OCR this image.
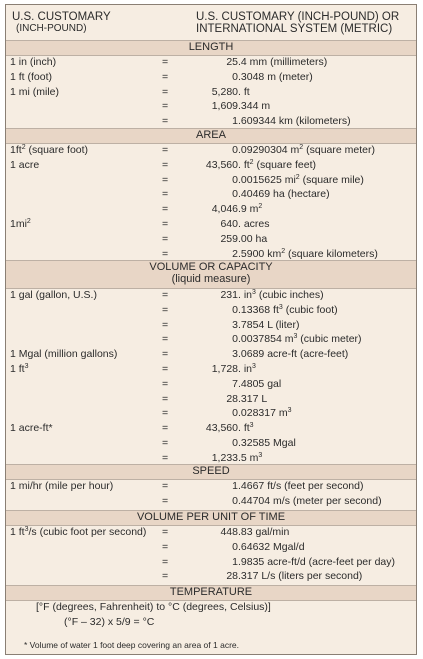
U.S. CUSTOMARY
(INCH-POUND)
U.S. CUSTOMARY (INCH-POUND) OR
INTERNATIONAL SYSTEM (METRIC)
LENGTH
1 in (inch)	=	25.4 mm (millimeters)
1 ft (foot)	=	0.3048 m (meter)
1 mi (mile)	=	5,280. ft
=	1,609.344 m
=	1.609344 km (kilometers)
AREA
$1ft^2$ (square foot)	=	0.09290304 $m^2$ (square meter)
1 acre	=	43,560. $ft^2$ (square feet)
=	0.0015625 $mi^2$ (square mile)
=	0.40469 ha (hectare)
=	4,046.9 $m^2$
$1mi^2$	=	640. acres
=	259.00 ha
=	2.5900 $km^2$ (square kilometers)
VOLUME OR CAPACITY
(liquid measure)
1 gal (gallon, U.S.)	=	231. $in^3$ (cubic inches)
=	0.13368 $ft^3$ (cubic foot)
=	3.7854 L (liter)
=	0.0037854 $m^3$ (cubic meter)
1 Mgal (million gallons)	=	3.0689 acre-ft (acre-feet)
1 $ft^3$	=	1,728. $in^3$
=	7.4805 gal
=	28.317 L
=	0.028317 $m^3$
1 acre-ft*	=	43,560. $ft^3$
=	0.32585 Mgal
=	1,233.5 $m^3$
SPEED
1 mi/hr (mile per hour)	=	1.4667 ft/s (feet per second)
=	0.44704 m/s (meter per second)
VOLUME PER UNIT OF TIME
1 $ft^3/s$ (cubic foot per second) =	448.83 gal/min
=	0.64632 Mgal/d
=	1.9835 acre-ft/d (acre-feet per day)
=	28.317 L/s (liters per second)
TEMPERATURE
[°F (degrees, Fahrenheit) to °C (degrees, Celsius)]
(°F – 32) x 5/9 = °C
* Volume of water 1 foot deep covering an area of 1 acre.
